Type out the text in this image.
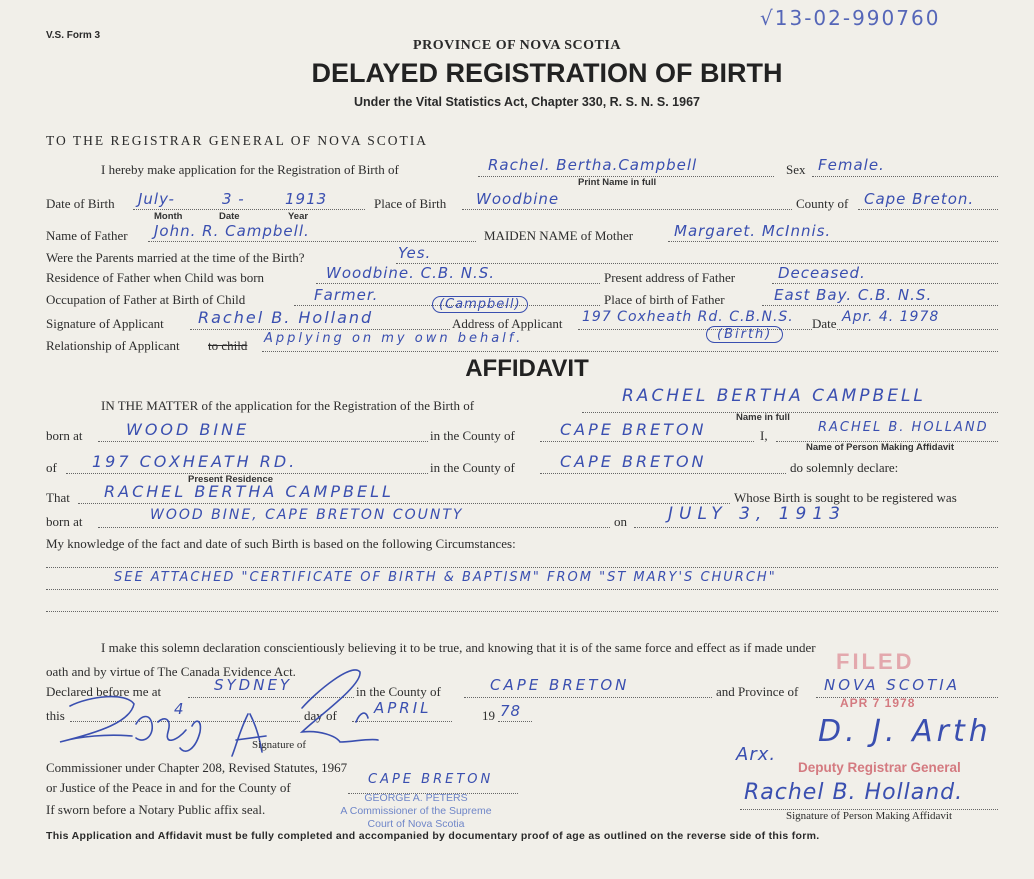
V.S. Form 3
√13-02-990760
PROVINCE OF NOVA SCOTIA
DELAYED REGISTRATION OF BIRTH
Under the Vital Statistics Act, Chapter 330, R. S. N. S. 1967
TO THE REGISTRAR GENERAL OF NOVA SCOTIA
I hereby make application for the Registration of Birth of	Rachel. Bertha.Campbell
Print Name in full
Sex Female.
Date of Birth July-	3 -	1913
Month	Date	Year
Place of Birth Woodbine	County of Cape Breton.
Name of Father John. R. Campbell.	MAIDEN NAME of Mother	Margaret. McInnis.
Were the Parents married at the time of the Birth?	Yes.
Residence of Father when Child was born	Woodbine. C.B. N.S.	Present address of Father	Deceased.
Occupation of Father at Birth of Child	Farmer.	Place of birth of Father	East Bay. C.B. N.S.
Signature of Applicant Rachel B. Holland
(Campbell)
Address of Applicant 197 Coxheath Rd. C.B.N.S. Date Apr. 4. 1978
Relationship of Applicant to child Applying on my own behalf.	(Birth)
AFFIDAVIT
IN THE MATTER of the application for the Registration of the Birth of	RACHEL BERTHA CAMPBELL
Name in full
born at	WOOD BINE	in the County of	CAPE BRETON	I,
RACHEL B. HOLLAND
Name of Person Making Affidavit
of 197 COXHEATH RD.
Present Residence
in the County of	CAPE BRETON	do solemnly declare:
That RACHEL BERTHA CAMPBELL	Whose Birth is sought to be registered was
born at	WOOD BINE, CAPE BRETON COUNTY	on JULY 3, 1913
My knowledge of the fact and date of such Birth is based on the following Circumstances:
SEE ATTACHED "CERTIFICATE OF BIRTH & BAPTISM" FROM "ST MARY'S CHURCH"
I make this solemn declaration conscientiously believing it to be true, and knowing that it is of the same force and effect as if made under
oath and by virtue of The Canada Evidence Act.
Declared before me at	SYDNEY	in the County of	CAPE BRETON	and Province of NOVA SCOTIA
this	4	day of APRIL	19 78
Signature of
Commissioner under Chapter 208, Revised Statutes, 1967
or Justice of the Peace in and for the County of
CAPE BRETON
If sworn before a Notary Public affix seal.
GEORGE A. PETERS
A Commissioner of the Supreme
Court of Nova Scotia
FILED
APR 7 1978
Deputy Registrar General
Arx.
D. J. Arth
Rachel B. Holland.
Signature of Person Making Affidavit
This Application and Affidavit must be fully completed and accompanied by documentary proof of age as outlined on the reverse side of this form.
